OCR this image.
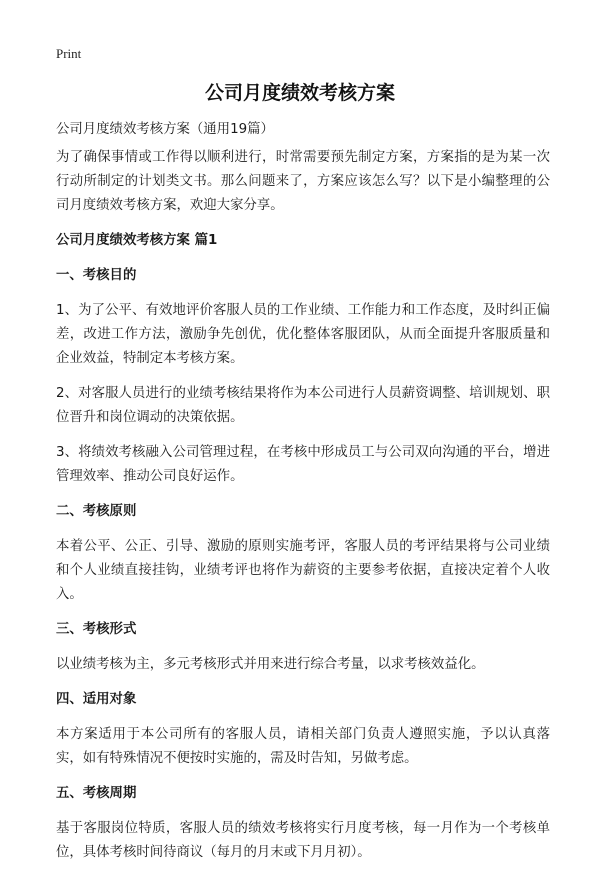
Print
公司月度绩效考核方案

公司月度绩效考核方案（通用19篇）

为了确保事情或工作得以顺利进行，时常需要预先制定方案，方案指的是为某一次行动所制定的计划类文书。那么问题来了，方案应该怎么写？以下是小编整理的公司月度绩效考核方案，欢迎大家分享。

公司月度绩效考核方案 篇1

一、考核目的

1、为了公平、有效地评价客服人员的工作业绩、工作能力和工作态度，及时纠正偏差，改进工作方法，激励争先创优，优化整体客服团队，从而全面提升客服质量和企业效益，特制定本考核方案。

2、对客服人员进行的业绩考核结果将作为本公司进行人员薪资调整、培训规划、职位晋升和岗位调动的决策依据。

3、将绩效考核融入公司管理过程，在考核中形成员工与公司双向沟通的平台，增进管理效率、推动公司良好运作。

二、考核原则

本着公平、公正、引导、激励的原则实施考评，客服人员的考评结果将与公司业绩和个人业绩直接挂钩，业绩考评也将作为薪资的主要参考依据，直接决定着个人收入。

三、考核形式

以业绩考核为主，多元考核形式并用来进行综合考量，以求考核效益化。

四、适用对象

本方案适用于本公司所有的客服人员，请相关部门负责人遵照实施，予以认真落实，如有特殊情况不便按时实施的，需及时告知，另做考虑。

五、考核周期

基于客服岗位特质，客服人员的绩效考核将实行月度考核，每一月作为一个考核单位，具体考核时间待商议（每月的月末或下月月初）。
